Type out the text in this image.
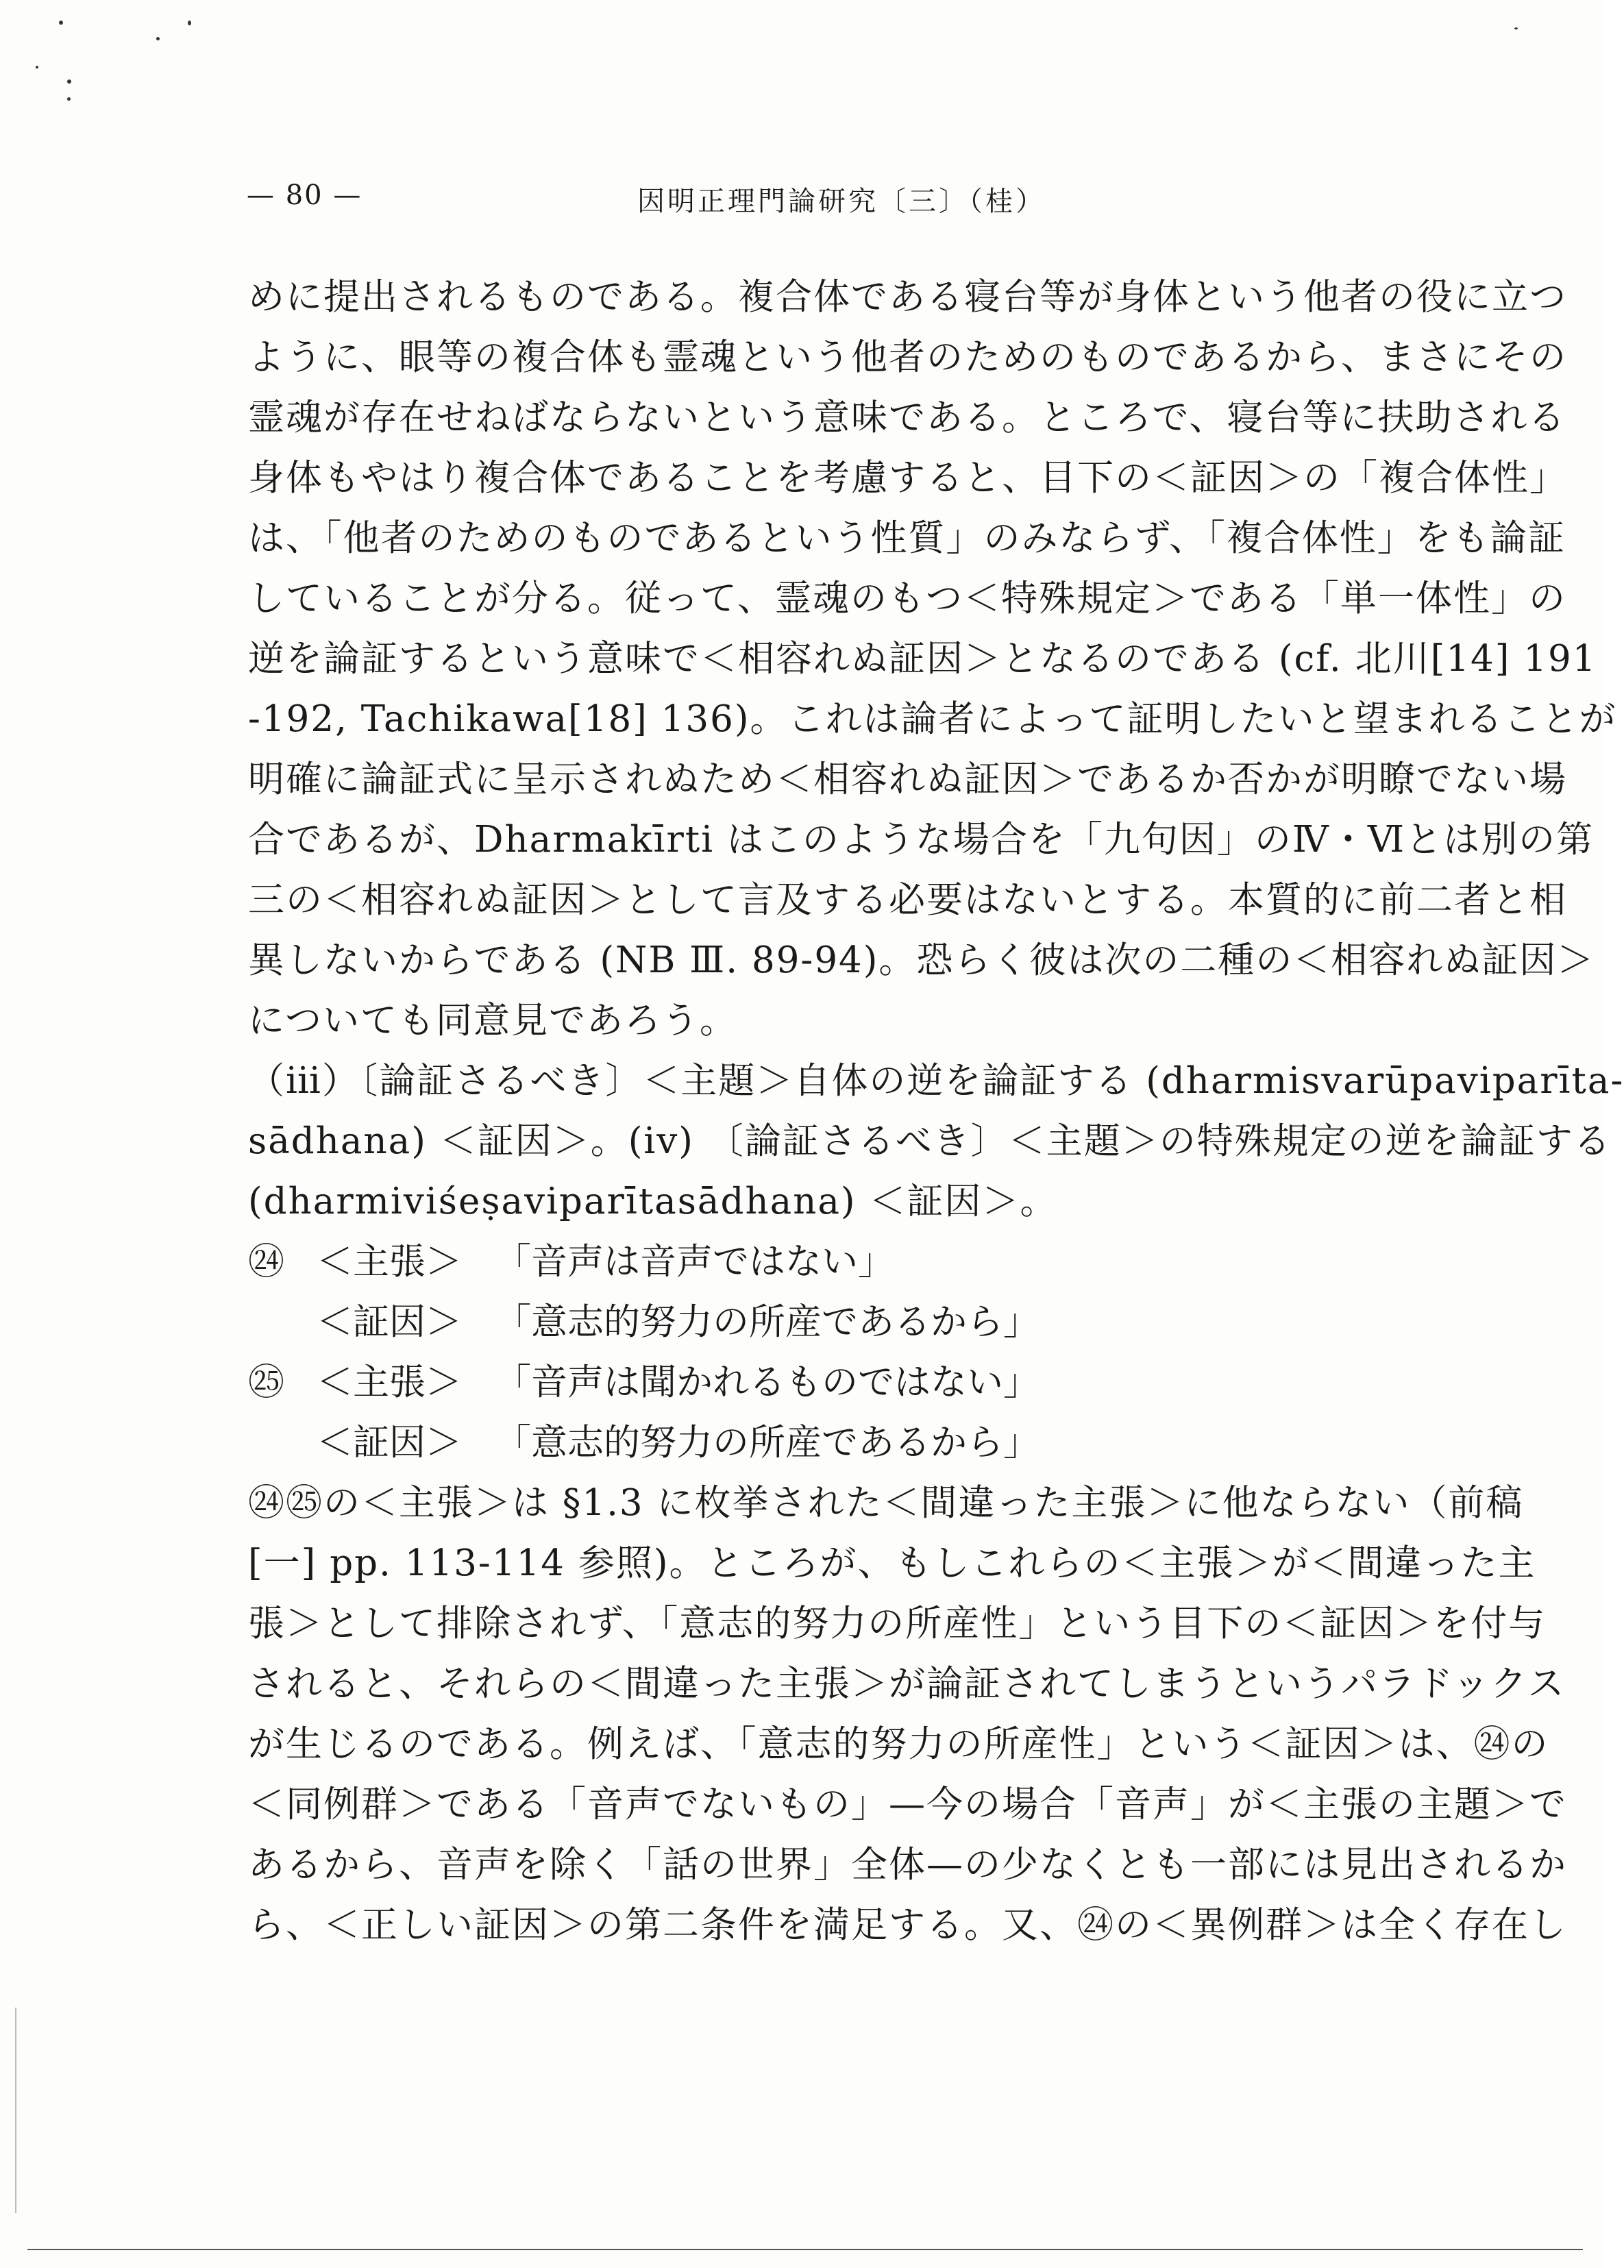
— 80 —	因明正理門論研究〔三〕（桂）
めに提出されるものである。複合体である寝台等が身体という他者の役に立つ
ように、眼等の複合体も霊魂という他者のためのものであるから、まさにその
霊魂が存在せねばならないという意味である。ところで、寝台等に扶助される
身体もやはり複合体であることを考慮すると、目下の＜証因＞の「複合体性」
は、「他者のためのものであるという性質」のみならず、「複合体性」をも論証
していることが分る。従って、霊魂のもつ＜特殊規定＞である「単一体性」の
逆を論証するという意味で＜相容れぬ証因＞となるのである (cf. 北川[14] 191
-192, Tachikawa[18] 136)。これは論者によって証明したいと望まれることが
明確に論証式に呈示されぬため＜相容れぬ証因＞であるか否かが明瞭でない場
合であるが、Dharmakīrti はこのような場合を「九句因」のⅣ・Ⅵとは別の第
三の＜相容れぬ証因＞として言及する必要はないとする。本質的に前二者と相
異しないからである (NB Ⅲ. 89-94)。恐らく彼は次の二種の＜相容れぬ証因＞
についても同意見であろう。
（ⅲ）〔論証さるべき〕＜主題＞自体の逆を論証する (dharmisvarūpaviparīta-
sādhana) ＜証因＞。(iv) 〔論証さるべき〕＜主題＞の特殊規定の逆を論証する
(dharmiviśeṣaviparītasādhana) ＜証因＞。
㉔ ＜主張＞ 「音声は音声ではない」
＜証因＞ 「意志的努力の所産であるから」
㉕ ＜主張＞ 「音声は聞かれるものではない」
＜証因＞ 「意志的努力の所産であるから」
㉔㉕の＜主張＞は §1.3 に枚挙された＜間違った主張＞に他ならない（前稿
[一] pp. 113-114 参照)。ところが、もしこれらの＜主張＞が＜間違った主
張＞として排除されず、「意志的努力の所産性」という目下の＜証因＞を付与
されると、それらの＜間違った主張＞が論証されてしまうというパラドックス
が生じるのである。例えば、「意志的努力の所産性」という＜証因＞は、㉔の
＜同例群＞である「音声でないもの」—今の場合「音声」が＜主張の主題＞で
あるから、音声を除く「話の世界」全体—の少なくとも一部には見出されるか
ら、＜正しい証因＞の第二条件を満足する。又、㉔の＜異例群＞は全く存在し
